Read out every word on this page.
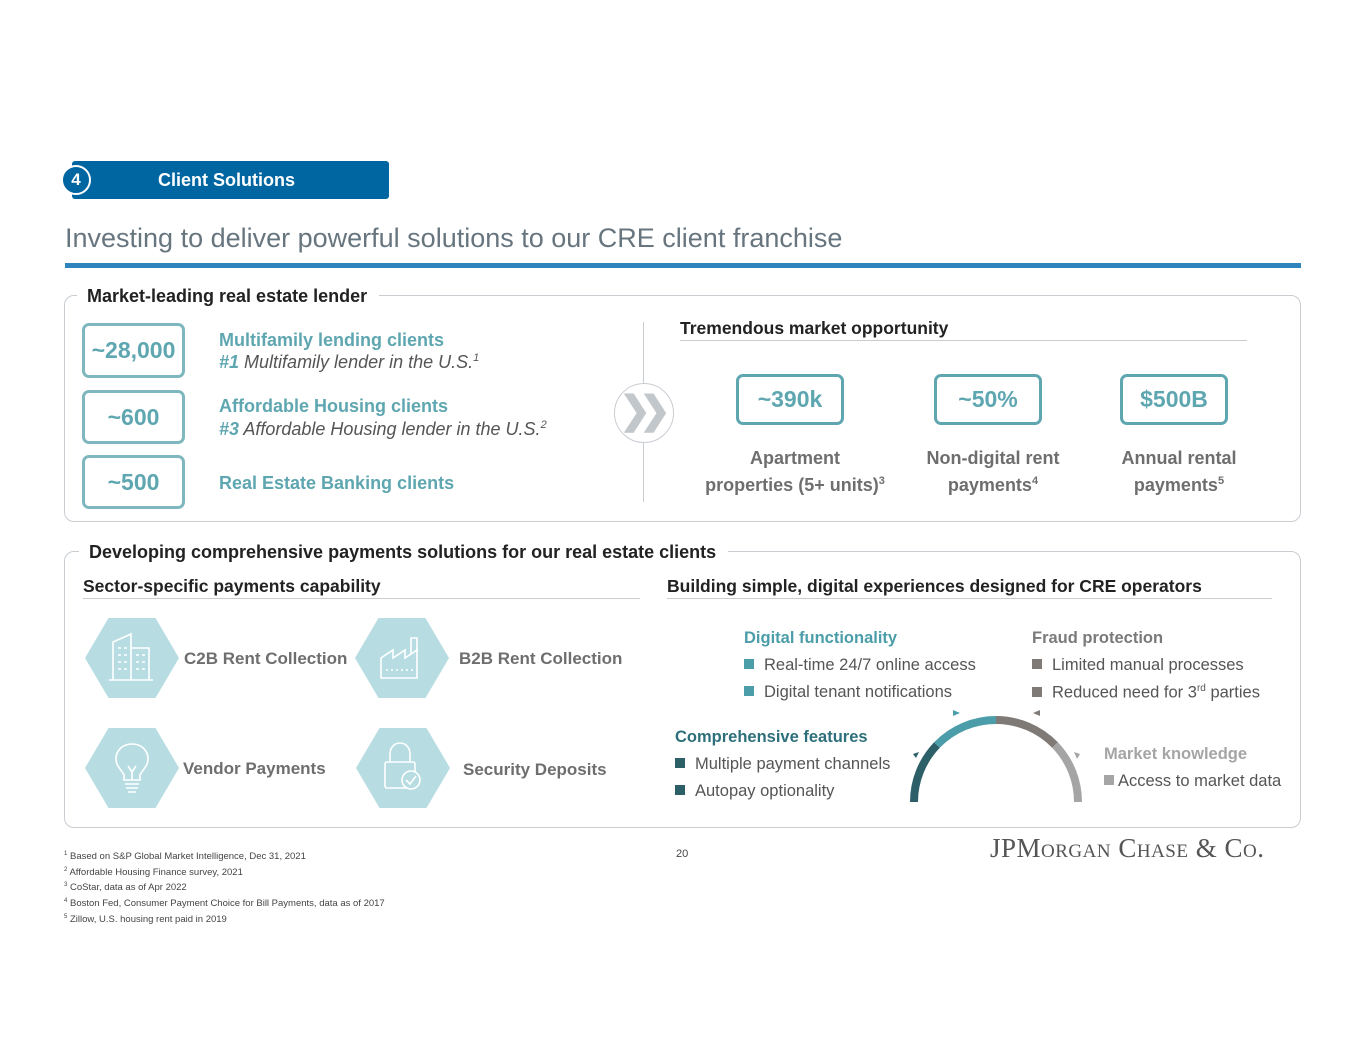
4	Client Solutions
Investing to deliver powerful solutions to our CRE client franchise
Market-leading real estate lender
~28,000	Multifamily lending clients
#1 Multifamily lender in the U.S.$^1$
~600	Affordable Housing clients
#3 Affordable Housing lender in the U.S.$^2$
~500	Real Estate Banking clients
❯❯
Tremendous market opportunity
~390k
Apartment
properties (5+ units)$^3$
~50%
Non-digital rent
payments$^4$
$500B
Annual rental
payments$^5$
Developing comprehensive payments solutions for our real estate clients
Sector-specific payments capability
C2B Rent Collection	B2B Rent Collection
Vendor Payments	Security Deposits
Building simple, digital experiences designed for CRE operators
Digital functionality
Real-time 24/7 online access
Digital tenant notifications
Fraud protection
Limited manual processes
Reduced need for 3rd parties
Comprehensive features
Multiple payment channels
Autopay optionality
Market knowledge
Access to market data
$^1$ Based on S&P Global Market Intelligence, Dec 31, 2021
$^2$ Affordable Housing Finance survey, 2021
$^3$ CoStar, data as of Apr 2022
$^4$ Boston Fed, Consumer Payment Choice for Bill Payments, data as of 2017
$^5$ Zillow, U.S. housing rent paid in 2019
20	JPMorgan Chase & Co.
